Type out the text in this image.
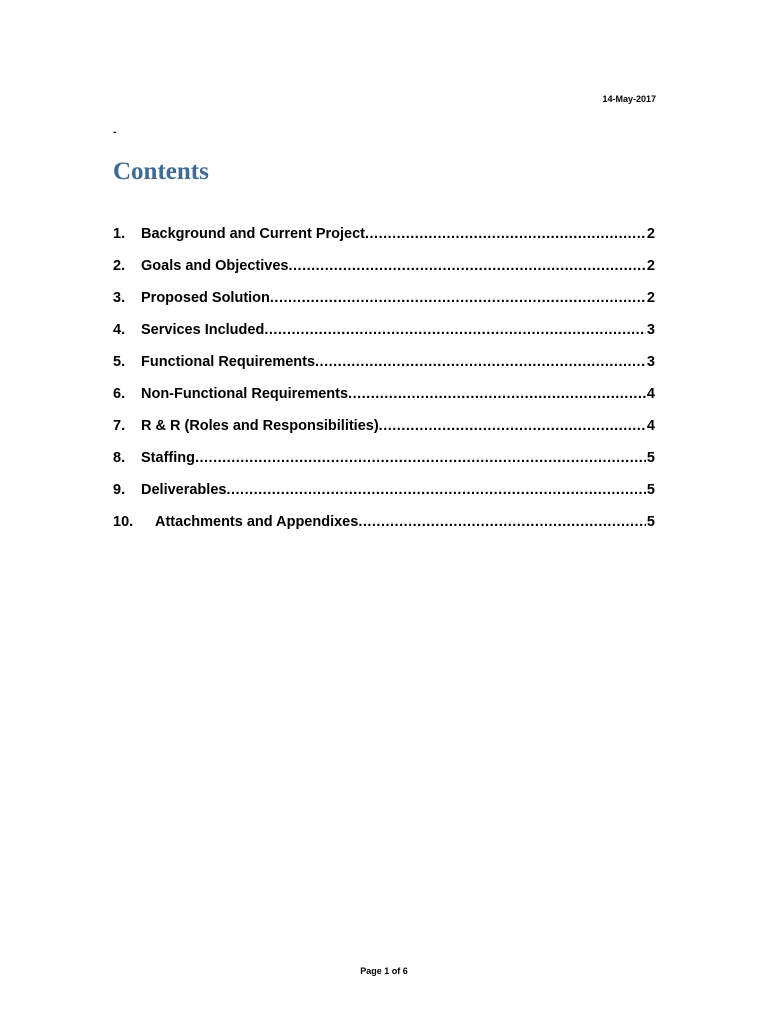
14-May-2017
-
Contents
1.	Background and Current Project .....	2
2.	Goals and Objectives .....	2
3.	Proposed Solution .....	2
4.	Services Included .....	3
5.	Functional Requirements .....	3
6.	Non-Functional Requirements .....	4
7.	R & R (Roles and Responsibilities) .....	4
8.	Staffing .....	5
9.	Deliverables .....	5
10.	Attachments and Appendixes .....	5
Page 1 of 6
